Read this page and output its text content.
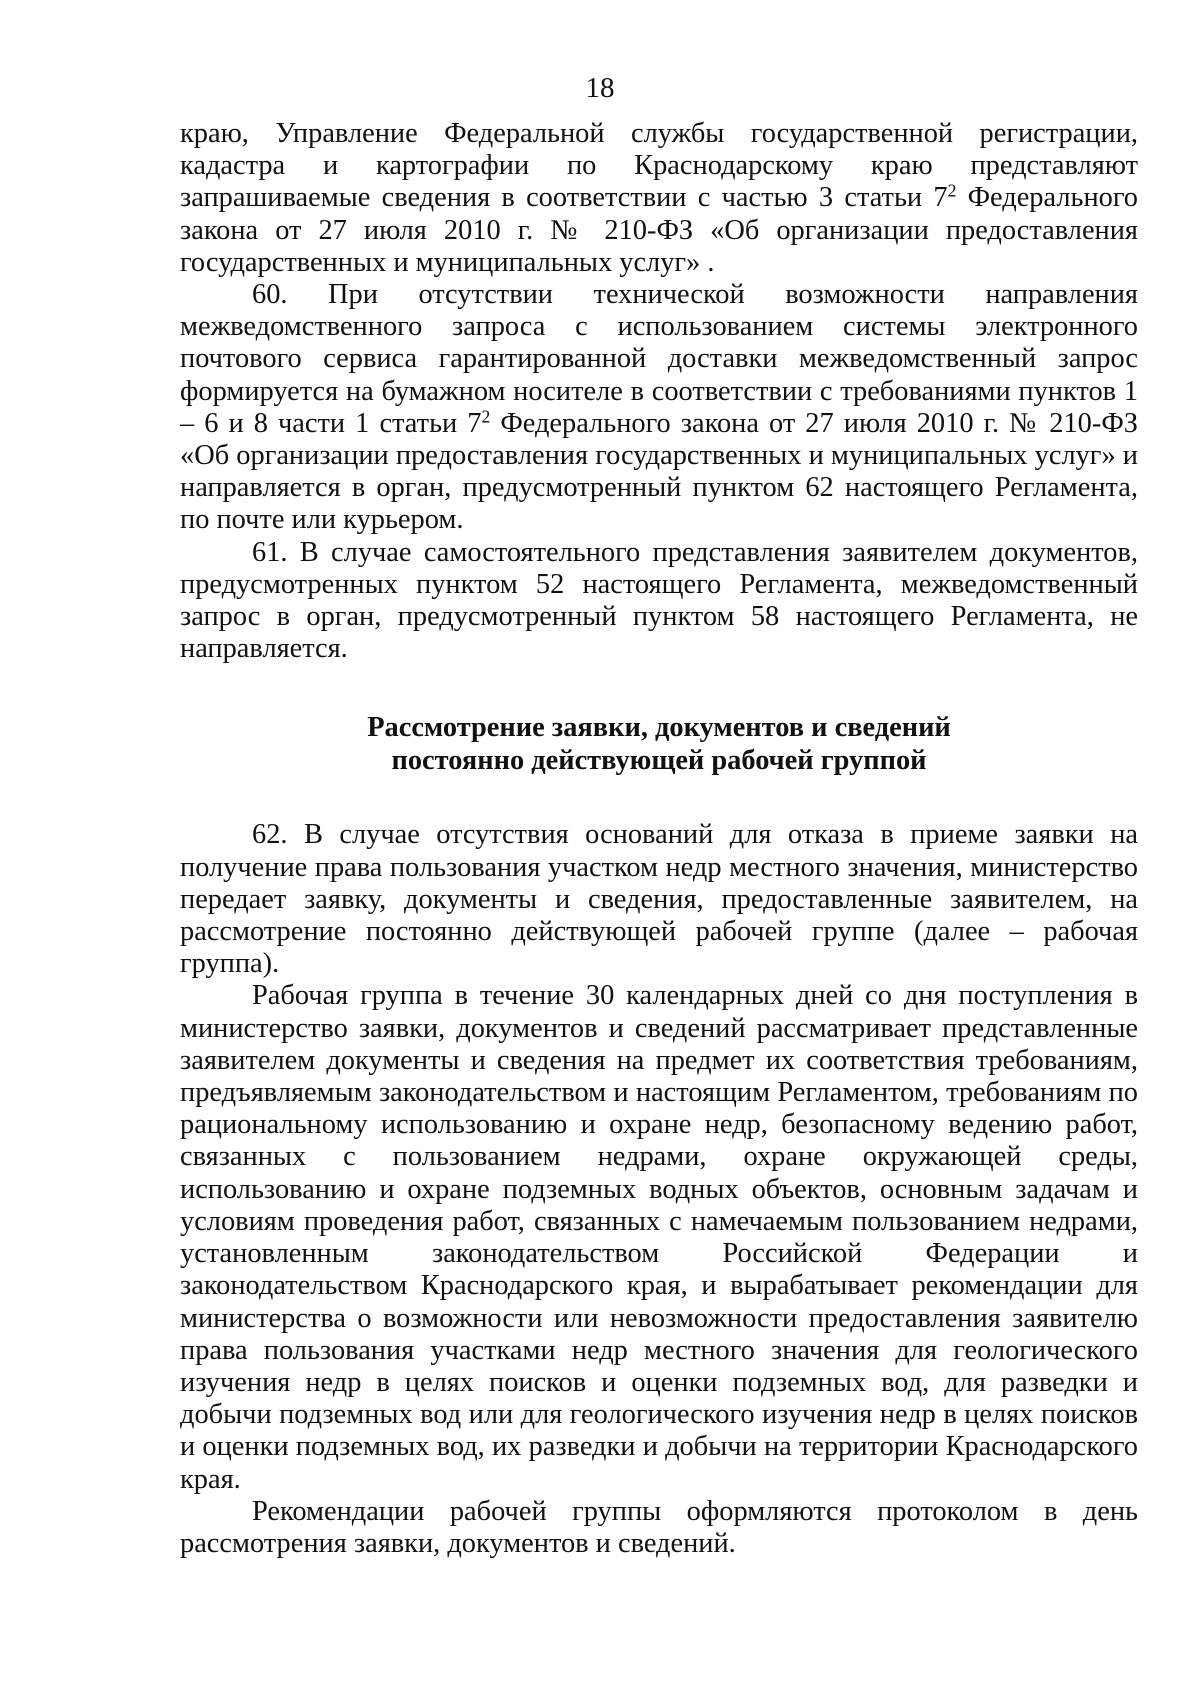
18

краю, Управление Федеральной службы государственной регистрации, кадастра и картографии по Краснодарскому краю представляют запрашиваемые сведения в соответствии с частью 3 статьи $7^2$ Федерального закона от 27 июля 2010 г. № 210-ФЗ «Об организации предоставления государственных и муниципальных услуг» .

60. При отсутствии технической возможности направления межведомственного запроса с использованием системы электронного почтового сервиса гарантированной доставки межведомственный запрос формируется на бумажном носителе в соответствии с требованиями пунктов 1 – 6 и 8 части 1 статьи $7^2$ Федерального закона от 27 июля 2010 г. № 210-ФЗ «Об организации предоставления государственных и муниципальных услуг» и направляется в орган, предусмотренный пунктом 62 настоящего Регламента, по почте или курьером.

61. В случае самостоятельного представления заявителем документов, предусмотренных пунктом 52 настоящего Регламента, межведомственный запрос в орган, предусмотренный пунктом 58 настоящего Регламента, не направляется.

Рассмотрение заявки, документов и сведений
постоянно действующей рабочей группой

62. В случае отсутствия оснований для отказа в приеме заявки на получение права пользования участком недр местного значения, министерство передает заявку, документы и сведения, предоставленные заявителем, на рассмотрение постоянно действующей рабочей группе (далее – рабочая группа).

Рабочая группа в течение 30 календарных дней со дня поступления в министерство заявки, документов и сведений рассматривает представленные заявителем документы и сведения на предмет их соответствия требованиям, предъявляемым законодательством и настоящим Регламентом, требованиям по рациональному использованию и охране недр, безопасному ведению работ, связанных с пользованием недрами, охране окружающей среды, использованию и охране подземных водных объектов, основным задачам и условиям проведения работ, связанных с намечаемым пользованием недрами, установленным законодательством Российской Федерации и законодательством Краснодарского края, и вырабатывает рекомендации для министерства о возможности или невозможности предоставления заявителю права пользования участками недр местного значения для геологического изучения недр в целях поисков и оценки подземных вод, для разведки и добычи подземных вод или для геологического изучения недр в целях поисков и оценки подземных вод, их разведки и добычи на территории Краснодарского края.

Рекомендации рабочей группы оформляются протоколом в день рассмотрения заявки, документов и сведений.
